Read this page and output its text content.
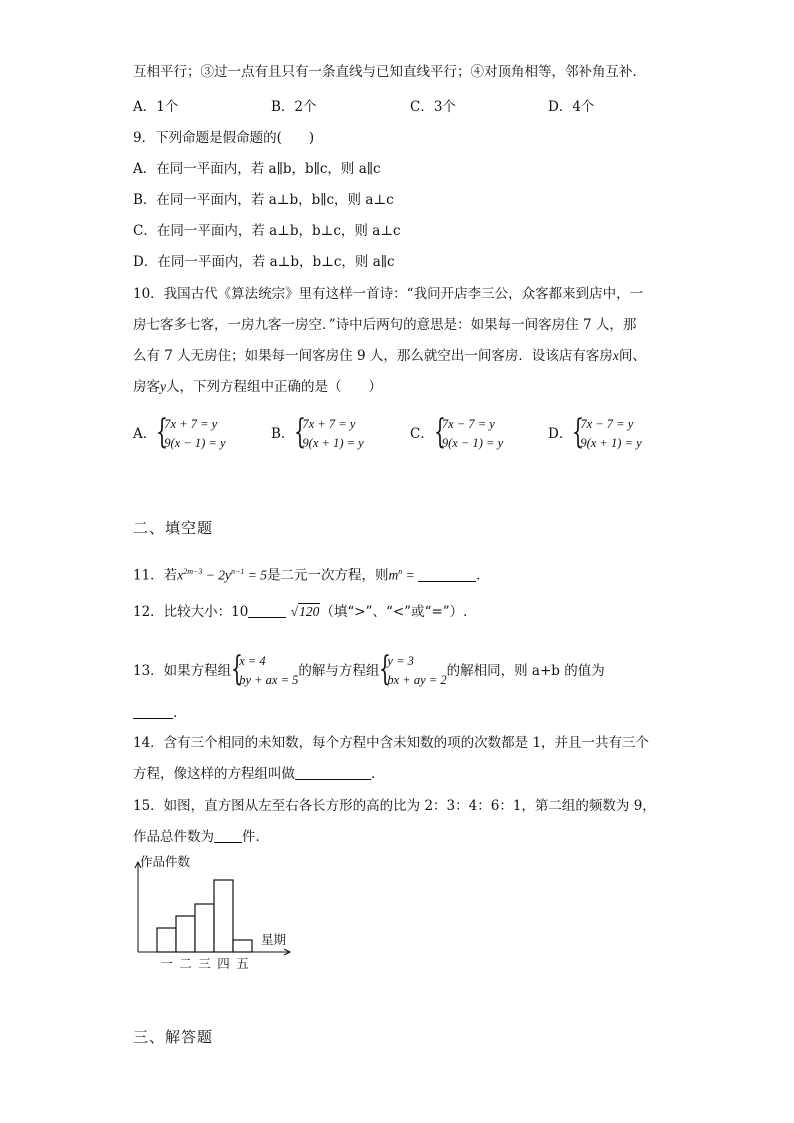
互相平行；③过一点有且只有一条直线与已知直线平行；④对顶角相等，邻补角互补．
A．1个	B．2个	C．3个	D．4个
9．下列命题是假命题的(　　)
A．在同一平面内，若 a∥b，b∥c，则 a∥c
B．在同一平面内，若 a⊥b，b∥c，则 a⊥c
C．在同一平面内，若 a⊥b，b⊥c，则 a⊥c
D．在同一平面内，若 a⊥b，b⊥c，则 a∥c
10．我国古代《算法统宗》里有这样一首诗：“我问开店李三公，众客都来到店中，一
房七客多七客，一房九客一房空．”诗中后两句的意思是：如果每一间客房住 7 人，那
么有 7 人无房住；如果每一间客房住 9 人，那么就空出一间客房．设该店有客房x间、
房客y人，下列方程组中正确的是（　　）
A． {
7x + 7 = y
9(x − 1) = y
B． {
7x + 7 = y
9(x + 1) = y
C． {
7x − 7 = y
9(x − 1) = y
D． {
7x − 7 = y
9(x + 1) = y
二、填空题
11．若$x^{2m-3} - 2y^{n-1} = 5$是二元一次方程，则$m^n$ =	.
12．比较大小：10	√120（填“>”、“<”或“=”）.
13．如果方程组 {
x = 4
by + ax = 5
的解与方程组 {
y = 3
bx + ay = 2
的解相同，则 a+b 的值为
.
14．含有三个相同的未知数，每个方程中含未知数的项的次数都是 1，并且一共有三个
方程，像这样的方程组叫做	.
15．如图，直方图从左至右各长方形的高的比为 2：3：4：6：1，第二组的频数为 9，
作品总件数为 件．
一 二 三 四 五
作品件数
星期
三、解答题
